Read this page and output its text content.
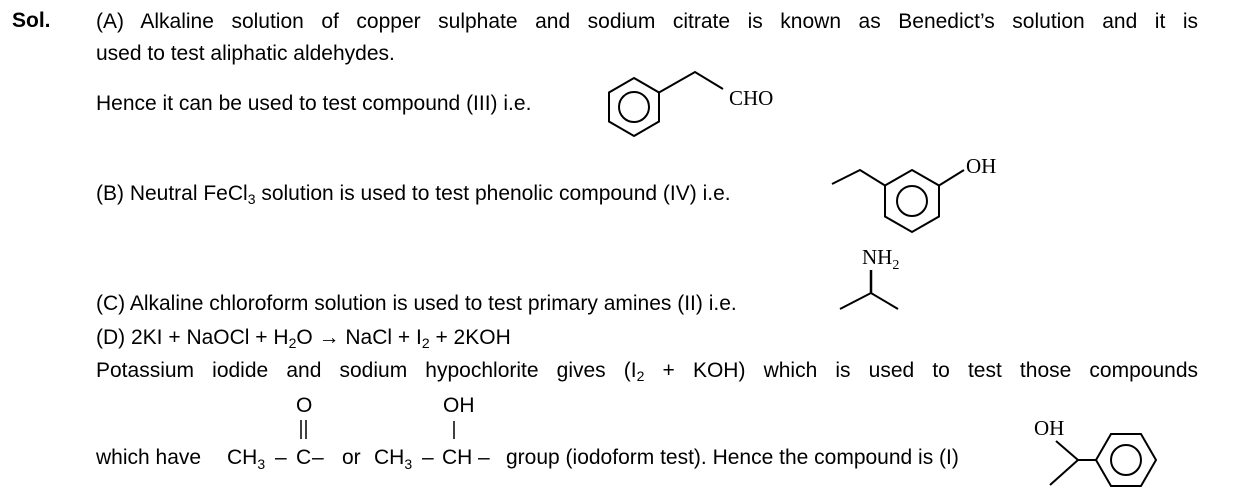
Sol. (A) Alkaline solution of copper sulphate and sodium citrate is known as Benedict’s solution and it is
used to test aliphatic aldehydes.
Hence it can be used to test compound (III) i.e.	CHO
(B) Neutral FeCl$_3$ solution is used to test phenolic compound (IV) i.e.
OH
(C) Alkaline chloroform solution is used to test primary amines (II) i.e.
$NH_2$
(D) 2KI + NaOCl + $H_2O$ → NaCl + $I_2 + 2KOH$
Potassium iodide and sodium hypochlorite gives $(I_2 + KOH)$ which is used to test those compounds
which have $CH_3$ – C –
O
or $CH_3$ – CH –
OH
group (iodoform test). Hence the compound is (I)
OH
